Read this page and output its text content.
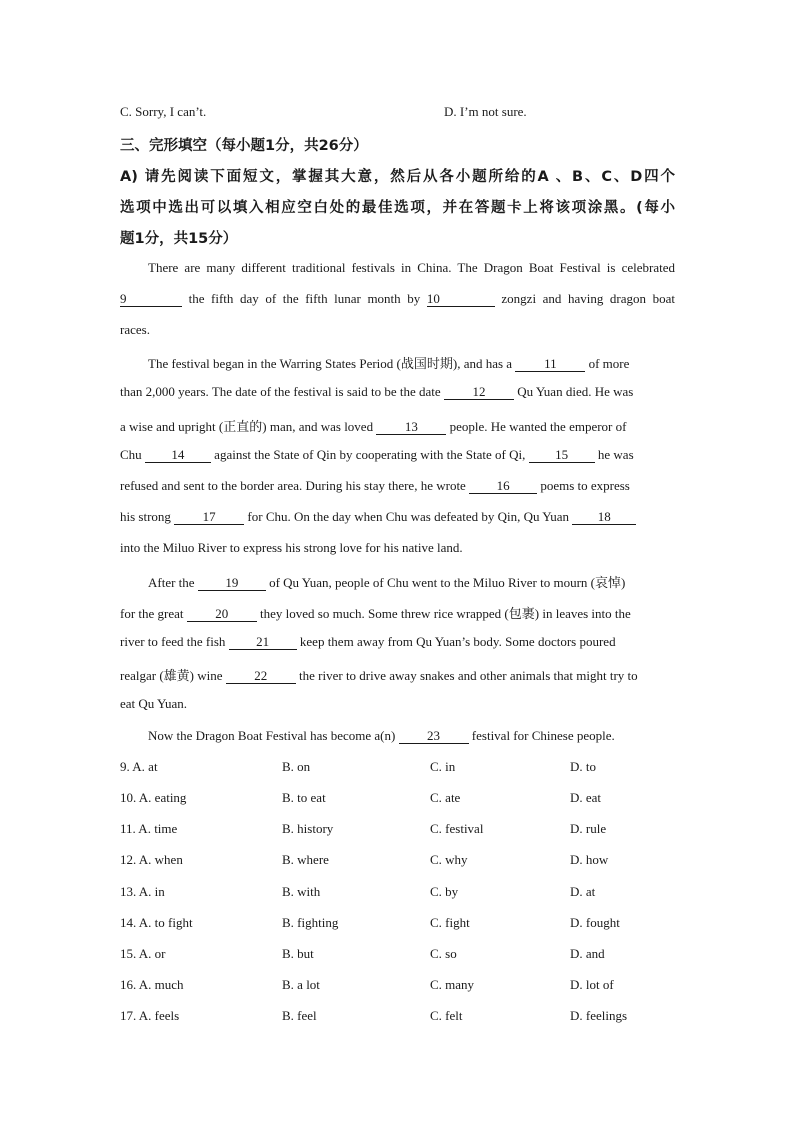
C. Sorry, I can’t.	D. I’m not sure.
三、完形填空（每小题1分，共26分）
A) 请先阅读下面短文，掌握其大意，然后从各小题所给的A 、B、C、D四个
选项中选出可以填入相应空白处的最佳选项，并在答题卡上将该项涂黑。(每小
题1分，共15分）
There are many different traditional festivals in China. The Dragon Boat Festival is celebrated
9	the fifth day of the fifth lunar month by 10	zongzi and having dragon boat
races.
The festival began in the Warring States Period (战国时期), and has a 11 of more
than 2,000 years. The date of the festival is said to be the date 12 Qu Yuan died. He was
a wise and upright (正直的) man, and was loved 13 people. He wanted the emperor of
Chu 14 against the State of Qin by cooperating with the State of Qi, 15 he was
refused and sent to the border area. During his stay there, he wrote 16 poems to express
his strong 17 for Chu. On the day when Chu was defeated by Qin, Qu Yuan 18
into the Miluo River to express his strong love for his native land.
After the 19 of Qu Yuan, people of Chu went to the Miluo River to mourn (哀悼)
for the great 20 they loved so much. Some threw rice wrapped (包裹) in leaves into the
river to feed the fish 21 keep them away from Qu Yuan’s body. Some doctors poured
realgar (雄黄) wine 22 the river to drive away snakes and other animals that might try to
eat Qu Yuan.
Now the Dragon Boat Festival has become a(n) 23 festival for Chinese people.
9. A. at	B. on	C. in	D. to
10. A. eating	B. to eat	C. ate	D. eat
11. A. time	B. history	C. festival	D. rule
12. A. when	B. where	C. why	D. how
13. A. in	B. with	C. by	D. at
14. A. to fight	B. fighting	C. fight	D. fought
15. A. or	B. but	C. so	D. and
16. A. much	B. a lot	C. many	D. lot of
17. A. feels	B. feel	C. felt	D. feelings
